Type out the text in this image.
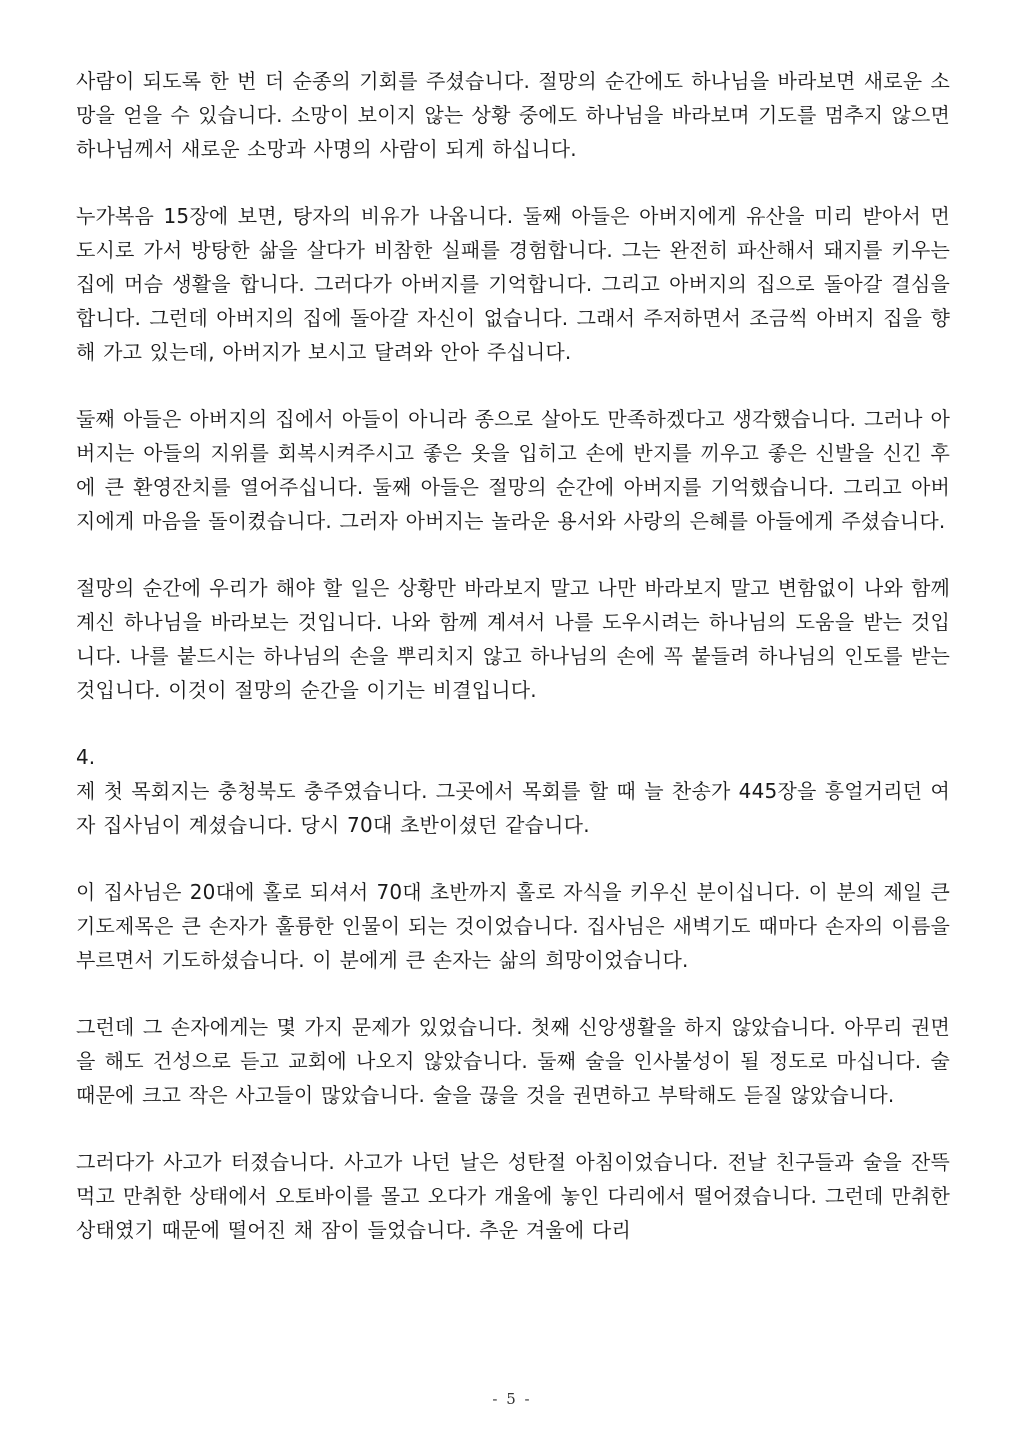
사람이 되도록 한 번 더 순종의 기회를 주셨습니다. 절망의 순간에도 하나님을 바라보면 새로운 소망을 얻을 수 있습니다. 소망이 보이지 않는 상황 중에도 하나님을 바라보며 기도를 멈추지 않으면 하나님께서 새로운 소망과 사명의 사람이 되게 하십니다.

누가복음 15장에 보면, 탕자의 비유가 나옵니다. 둘째 아들은 아버지에게 유산을 미리 받아서 먼 도시로 가서 방탕한 삶을 살다가 비참한 실패를 경험합니다. 그는 완전히 파산해서 돼지를 키우는 집에 머슴 생활을 합니다. 그러다가 아버지를 기억합니다. 그리고 아버지의 집으로 돌아갈 결심을 합니다. 그런데 아버지의 집에 돌아갈 자신이 없습니다. 그래서 주저하면서 조금씩 아버지 집을 향해 가고 있는데, 아버지가 보시고 달려와 안아 주십니다.

둘째 아들은 아버지의 집에서 아들이 아니라 종으로 살아도 만족하겠다고 생각했습니다. 그러나 아버지는 아들의 지위를 회복시켜주시고 좋은 옷을 입히고 손에 반지를 끼우고 좋은 신발을 신긴 후에 큰 환영잔치를 열어주십니다. 둘째 아들은 절망의 순간에 아버지를 기억했습니다. 그리고 아버지에게 마음을 돌이켰습니다. 그러자 아버지는 놀라운 용서와 사랑의 은혜를 아들에게 주셨습니다.

절망의 순간에 우리가 해야 할 일은 상황만 바라보지 말고 나만 바라보지 말고 변함없이 나와 함께 계신 하나님을 바라보는 것입니다. 나와 함께 계셔서 나를 도우시려는 하나님의 도움을 받는 것입니다. 나를 붙드시는 하나님의 손을 뿌리치지 않고 하나님의 손에 꼭 붙들려 하나님의 인도를 받는 것입니다. 이것이 절망의 순간을 이기는 비결입니다.

4.

제 첫 목회지는 충청북도 충주였습니다. 그곳에서 목회를 할 때 늘 찬송가 445장을 흥얼거리던 여자 집사님이 계셨습니다. 당시 70대 초반이셨던 같습니다.

이 집사님은 20대에 홀로 되셔서 70대 초반까지 홀로 자식을 키우신 분이십니다. 이 분의 제일 큰 기도제목은 큰 손자가 훌륭한 인물이 되는 것이었습니다. 집사님은 새벽기도 때마다 손자의 이름을 부르면서 기도하셨습니다. 이 분에게 큰 손자는 삶의 희망이었습니다.

그런데 그 손자에게는 몇 가지 문제가 있었습니다. 첫째 신앙생활을 하지 않았습니다. 아무리 권면을 해도 건성으로 듣고 교회에 나오지 않았습니다. 둘째 술을 인사불성이 될 정도로 마십니다. 술 때문에 크고 작은 사고들이 많았습니다. 술을 끊을 것을 권면하고 부탁해도 듣질 않았습니다.

그러다가 사고가 터졌습니다. 사고가 나던 날은 성탄절 아침이었습니다. 전날 친구들과 술을 잔뜩 먹고 만취한 상태에서 오토바이를 몰고 오다가 개울에 놓인 다리에서 떨어졌습니다. 그런데 만취한 상태였기 때문에 떨어진 채 잠이 들었습니다. 추운 겨울에 다리

- 5 -
